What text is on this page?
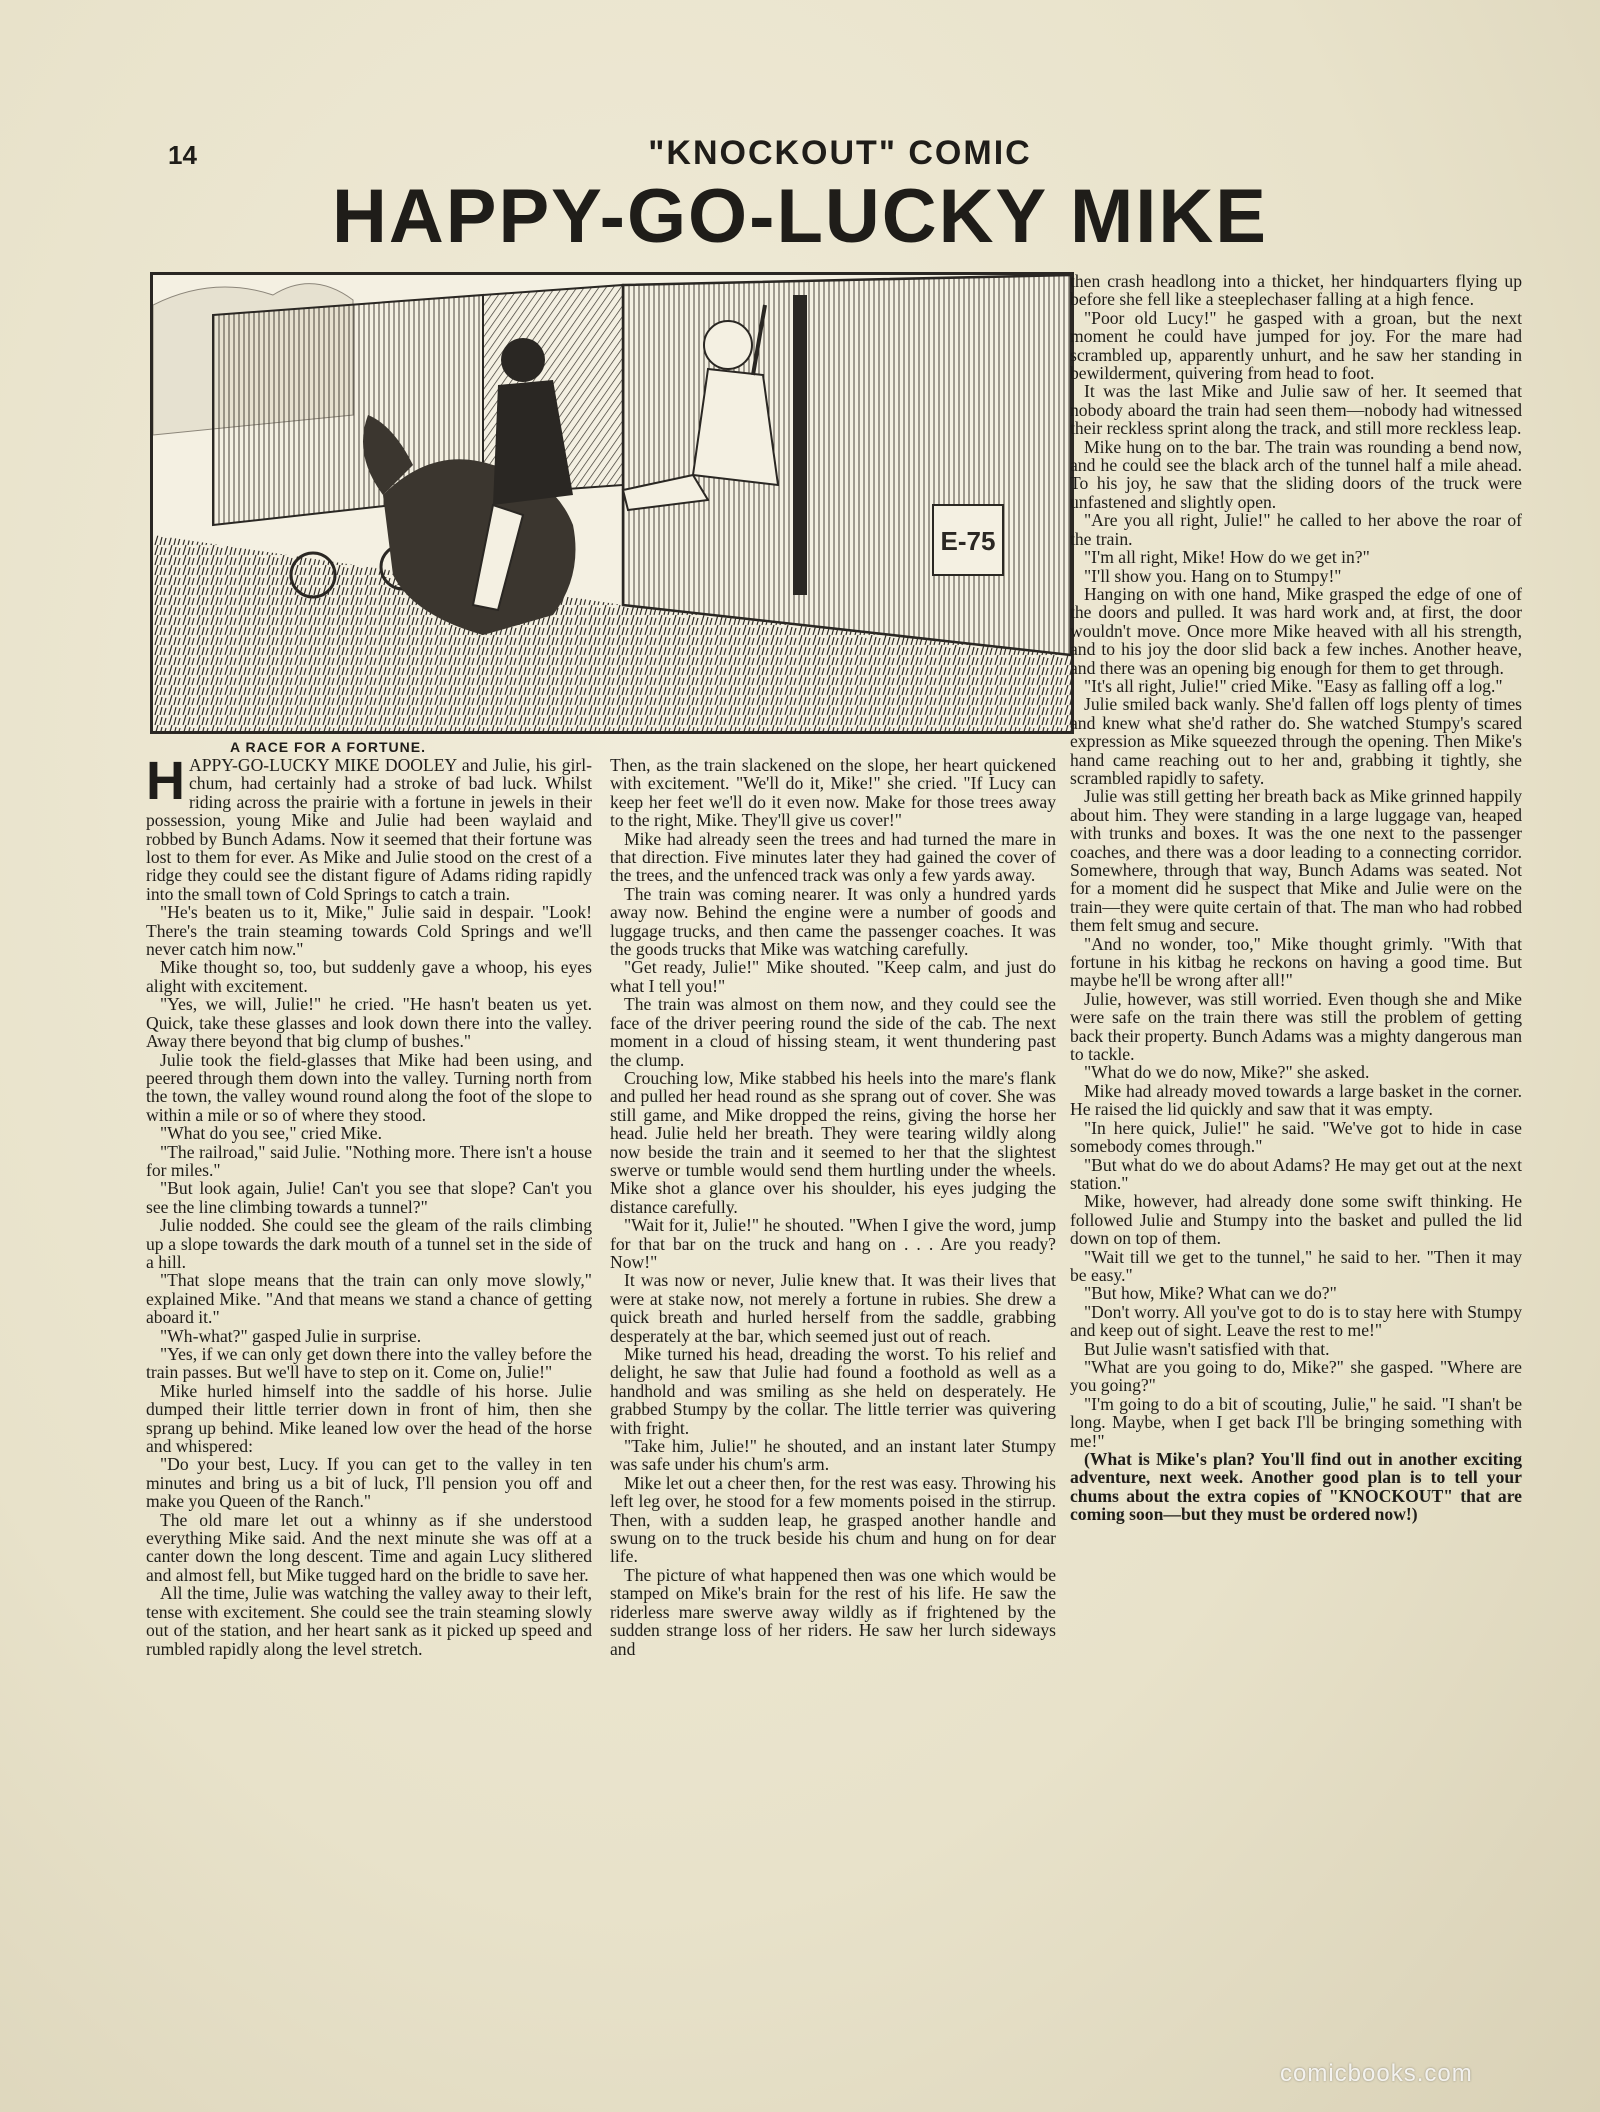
14	"KNOCKOUT" COMIC
HAPPY-GO-LUCKY MIKE
E-75
A RACE FOR A FORTUNE.

HAPPY-GO-LUCKY MIKE DOOLEY and Julie, his girl-chum, had certainly had a stroke of bad luck. Whilst riding across the prairie with a fortune in jewels in their possession, young Mike and Julie had been waylaid and robbed by Bunch Adams. Now it seemed that their fortune was lost to them for ever. As Mike and Julie stood on the crest of a ridge they could see the distant figure of Adams riding rapidly into the small town of Cold Springs to catch a train.

"He's beaten us to it, Mike," Julie said in despair. "Look! There's the train steaming towards Cold Springs and we'll never catch him now."

Mike thought so, too, but suddenly gave a whoop, his eyes alight with excitement.

"Yes, we will, Julie!" he cried. "He hasn't beaten us yet. Quick, take these glasses and look down there into the valley. Away there beyond that big clump of bushes."

Julie took the field-glasses that Mike had been using, and peered through them down into the valley. Turning north from the town, the valley wound round along the foot of the slope to within a mile or so of where they stood.

"What do you see," cried Mike.

"The railroad," said Julie. "Nothing more. There isn't a house for miles."

"But look again, Julie! Can't you see that slope? Can't you see the line climbing towards a tunnel?"

Julie nodded. She could see the gleam of the rails climbing up a slope towards the dark mouth of a tunnel set in the side of a hill.

"That slope means that the train can only move slowly," explained Mike. "And that means we stand a chance of getting aboard it."

"Wh-what?" gasped Julie in surprise.

"Yes, if we can only get down there into the valley before the train passes. But we'll have to step on it. Come on, Julie!"

Mike hurled himself into the saddle of his horse. Julie dumped their little terrier down in front of him, then she sprang up behind. Mike leaned low over the head of the horse and whispered:

"Do your best, Lucy. If you can get to the valley in ten minutes and bring us a bit of luck, I'll pension you off and make you Queen of the Ranch."

The old mare let out a whinny as if she understood everything Mike said. And the next minute she was off at a canter down the long descent. Time and again Lucy slithered and almost fell, but Mike tugged hard on the bridle to save her.

All the time, Julie was watching the valley away to their left, tense with excitement. She could see the train steaming slowly out of the station, and her heart sank as it picked up speed and rumbled rapidly along the level stretch.

Then, as the train slackened on the slope, her heart quickened with excitement. "We'll do it, Mike!" she cried. "If Lucy can keep her feet we'll do it even now. Make for those trees away to the right, Mike. They'll give us cover!"

Mike had already seen the trees and had turned the mare in that direction. Five minutes later they had gained the cover of the trees, and the unfenced track was only a few yards away.

The train was coming nearer. It was only a hundred yards away now. Behind the engine were a number of goods and luggage trucks, and then came the passenger coaches. It was the goods trucks that Mike was watching carefully.

"Get ready, Julie!" Mike shouted. "Keep calm, and just do what I tell you!"

The train was almost on them now, and they could see the face of the driver peering round the side of the cab. The next moment in a cloud of hissing steam, it went thundering past the clump.

Crouching low, Mike stabbed his heels into the mare's flank and pulled her head round as she sprang out of cover. She was still game, and Mike dropped the reins, giving the horse her head. Julie held her breath. They were tearing wildly along now beside the train and it seemed to her that the slightest swerve or tumble would send them hurtling under the wheels. Mike shot a glance over his shoulder, his eyes judging the distance carefully.

"Wait for it, Julie!" he shouted. "When I give the word, jump for that bar on the truck and hang on . . . Are you ready? Now!"

It was now or never, Julie knew that. It was their lives that were at stake now, not merely a fortune in rubies. She drew a quick breath and hurled herself from the saddle, grabbing desperately at the bar, which seemed just out of reach.

Mike turned his head, dreading the worst. To his relief and delight, he saw that Julie had found a foothold as well as a handhold and was smiling as she held on desperately. He grabbed Stumpy by the collar. The little terrier was quivering with fright.

"Take him, Julie!" he shouted, and an instant later Stumpy was safe under his chum's arm.

Mike let out a cheer then, for the rest was easy. Throwing his left leg over, he stood for a few moments poised in the stirrup. Then, with a sudden leap, he grasped another handle and swung on to the truck beside his chum and hung on for dear life.

The picture of what happened then was one which would be stamped on Mike's brain for the rest of his life. He saw the riderless mare swerve away wildly as if frightened by the sudden strange loss of her riders. He saw her lurch sideways and

then crash headlong into a thicket, her hindquarters flying up before she fell like a steeplechaser falling at a high fence.

"Poor old Lucy!" he gasped with a groan, but the next moment he could have jumped for joy. For the mare had scrambled up, apparently unhurt, and he saw her standing in bewilderment, quivering from head to foot.

It was the last Mike and Julie saw of her. It seemed that nobody aboard the train had seen them—nobody had witnessed their reckless sprint along the track, and still more reckless leap.

Mike hung on to the bar. The train was rounding a bend now, and he could see the black arch of the tunnel half a mile ahead. To his joy, he saw that the sliding doors of the truck were unfastened and slightly open.

"Are you all right, Julie!" he called to her above the roar of the train.

"I'm all right, Mike! How do we get in?"

"I'll show you. Hang on to Stumpy!"

Hanging on with one hand, Mike grasped the edge of one of the doors and pulled. It was hard work and, at first, the door wouldn't move. Once more Mike heaved with all his strength, and to his joy the door slid back a few inches. Another heave, and there was an opening big enough for them to get through.

"It's all right, Julie!" cried Mike. "Easy as falling off a log."

Julie smiled back wanly. She'd fallen off logs plenty of times and knew what she'd rather do. She watched Stumpy's scared expression as Mike squeezed through the opening. Then Mike's hand came reaching out to her and, grabbing it tightly, she scrambled rapidly to safety.

Julie was still getting her breath back as Mike grinned happily about him. They were standing in a large luggage van, heaped with trunks and boxes. It was the one next to the passenger coaches, and there was a door leading to a connecting corridor. Somewhere, through that way, Bunch Adams was seated. Not for a moment did he suspect that Mike and Julie were on the train—they were quite certain of that. The man who had robbed them felt smug and secure.

"And no wonder, too," Mike thought grimly. "With that fortune in his kitbag he reckons on having a good time. But maybe he'll be wrong after all!"

Julie, however, was still worried. Even though she and Mike were safe on the train there was still the problem of getting back their property. Bunch Adams was a mighty dangerous man to tackle.

"What do we do now, Mike?" she asked.

Mike had already moved towards a large basket in the corner. He raised the lid quickly and saw that it was empty.

"In here quick, Julie!" he said. "We've got to hide in case somebody comes through."

"But what do we do about Adams? He may get out at the next station."

Mike, however, had already done some swift thinking. He followed Julie and Stumpy into the basket and pulled the lid down on top of them.

"Wait till we get to the tunnel," he said to her. "Then it may be easy."

"But how, Mike? What can we do?"

"Don't worry. All you've got to do is to stay here with Stumpy and keep out of sight. Leave the rest to me!"

But Julie wasn't satisfied with that.

"What are you going to do, Mike?" she gasped. "Where are you going?"

"I'm going to do a bit of scouting, Julie," he said. "I shan't be long. Maybe, when I get back I'll be bringing something with me!"

(What is Mike's plan? You'll find out in another exciting adventure, next week. Another good plan is to tell your chums about the extra copies of "KNOCKOUT" that are coming soon—but they must be ordered now!)

comicbooks.com
